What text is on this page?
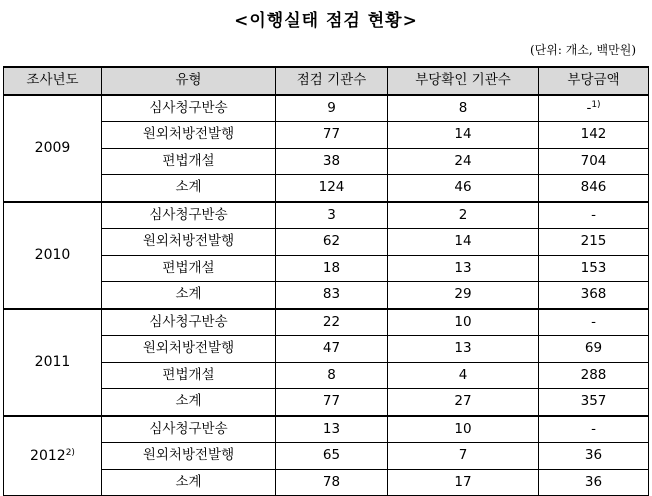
<이행실태 점검 현황>
(단위: 개소, 백만원)
조사년도	유형	점검 기관수	부당확인 기관수	부당금액
2009	심사청구반송	9	8	-$^{1)}$
	원외처방전발행	77	14	142
	편법개설	38	24	704
	소계	124	46	846
2010	심사청구반송	3	2	-
	원외처방전발행	62	14	215
	편법개설	18	13	153
	소계	83	29	368
2011	심사청구반송	22	10	-
	원외처방전발행	47	13	69
	편법개설	8	4	288
	소계	77	27	357
2012$^{2)}$	심사청구반송	13	10	-
	원외처방전발행	65	7	36
	소계	78	17	36
